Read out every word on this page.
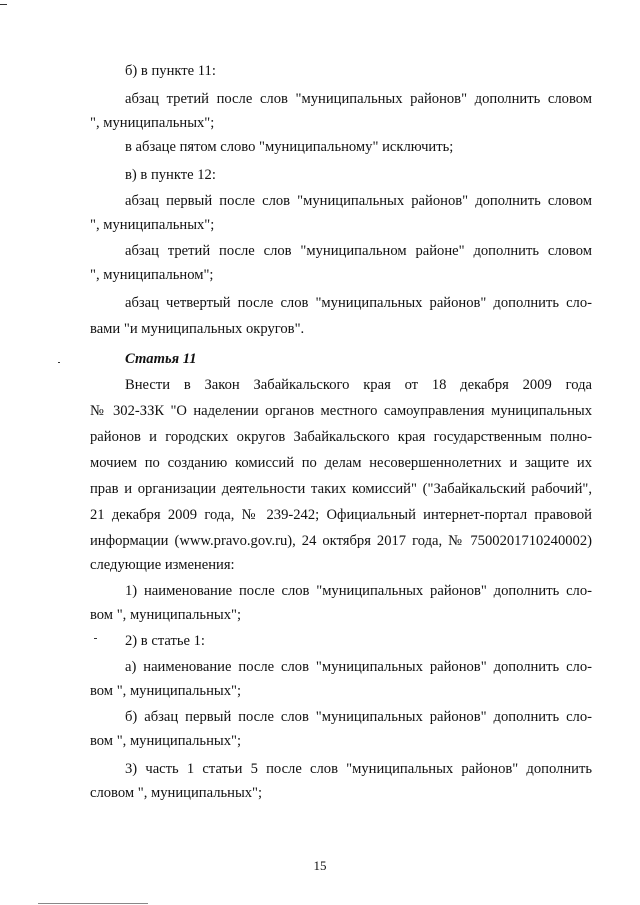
б) в пункте 11:
абзац третий после слов "муниципальных районов" дополнить словом
", муниципальных";
в абзаце пятом слово "муниципальному" исключить;
в) в пункте 12:
абзац первый после слов "муниципальных районов" дополнить словом
", муниципальных";
абзац третий после слов "муниципальном районе" дополнить словом
", муниципальном";
абзац четвертый после слов "муниципальных районов" дополнить сло-
вами "и муниципальных округов".
Статья 11
Внести в Закон Забайкальского края от 18 декабря 2009 года
№ 302-ЗЗК "О наделении органов местного самоуправления муниципальных
районов и городских округов Забайкальского края государственным полно-
мочием по созданию комиссий по делам несовершеннолетних и защите их
прав и организации деятельности таких комиссий" ("Забайкальский рабочий",
21 декабря 2009 года, № 239-242; Официальный интернет-портал правовой
информации (www.pravo.gov.ru), 24 октября 2017 года, № 7500201710240002)
следующие изменения:
1) наименование после слов "муниципальных районов" дополнить сло-
вом ", муниципальных";
2) в статье 1:
а) наименование после слов "муниципальных районов" дополнить сло-
вом ", муниципальных";
б) абзац первый после слов "муниципальных районов" дополнить сло-
вом ", муниципальных";
3) часть 1 статьи 5 после слов "муниципальных районов" дополнить
словом ", муниципальных";
15
